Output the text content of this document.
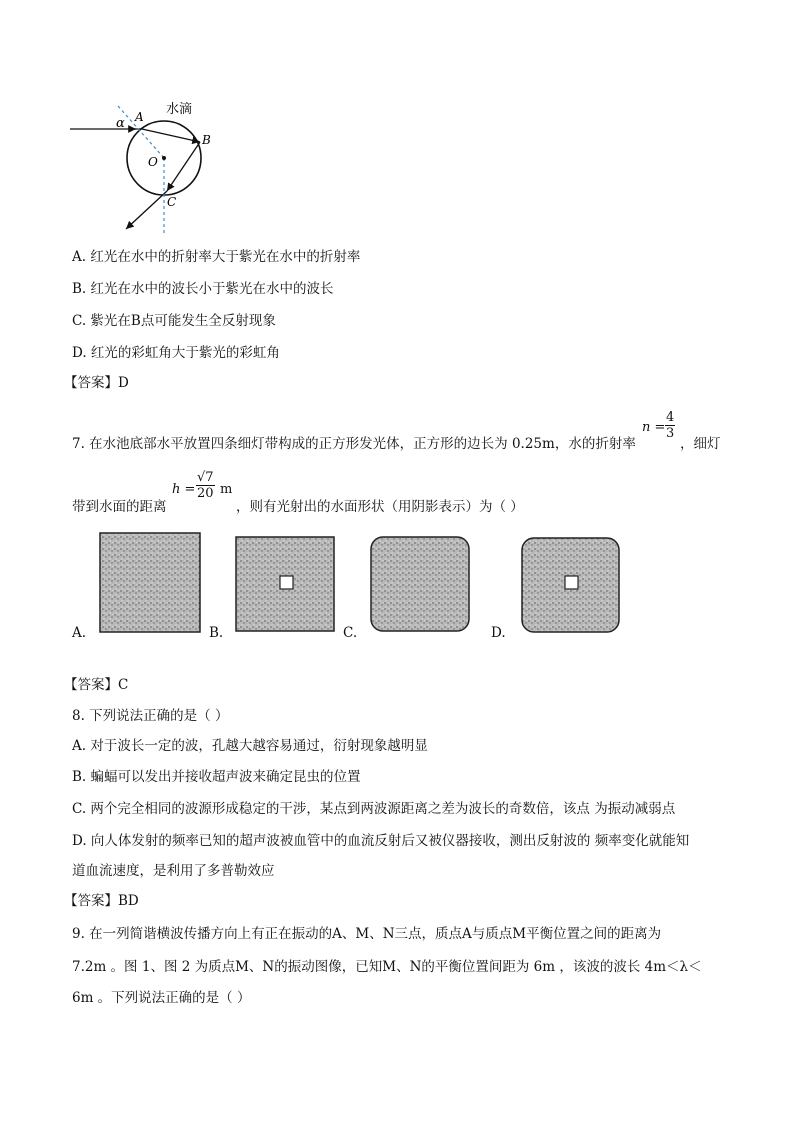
水滴
α A
B
O
C
A. 红光在水中的折射率大于紫光在水中的折射率
B. 红光在水中的波长小于紫光在水中的波长
C. 紫光在B点可能发生全反射现象
D. 红光的彩虹角大于紫光的彩虹角
【答案】D
7. 在水池底部水平放置四条细灯带构成的正方形发光体，正方形的边长为 0.25m，水的折射率
$n = \frac{4}{3}$
，细灯
带到水面的距离
$h = \frac{√7}{20}$ m
，则有光射出的水面形状（用阴影表示）为（ ）
A.	B.	C.	D.
【答案】C
8. 下列说法正确的是（ ）
A. 对于波长一定的波，孔越大越容易通过，衍射现象越明显
B. 蝙蝠可以发出并接收超声波来确定昆虫的位置
C. 两个完全相同的波源形成稳定的干涉，某点到两波源距离之差为波长的奇数倍，该点 为振动减弱点
D. 向人体发射的频率已知的超声波被血管中的血流反射后又被仪器接收，测出反射波的 频率变化就能知
道血流速度，是利用了多普勒效应
【答案】BD
9. 在一列简谐横波传播方向上有正在振动的A、M、N三点，质点A与质点M平衡位置之间的距离为
7.2m 。图 1、图 2 为质点M、N的振动图像，已知M、N的平衡位置间距为 6m ，该波的波长 4m＜λ＜
6m 。下列说法正确的是（ ）
